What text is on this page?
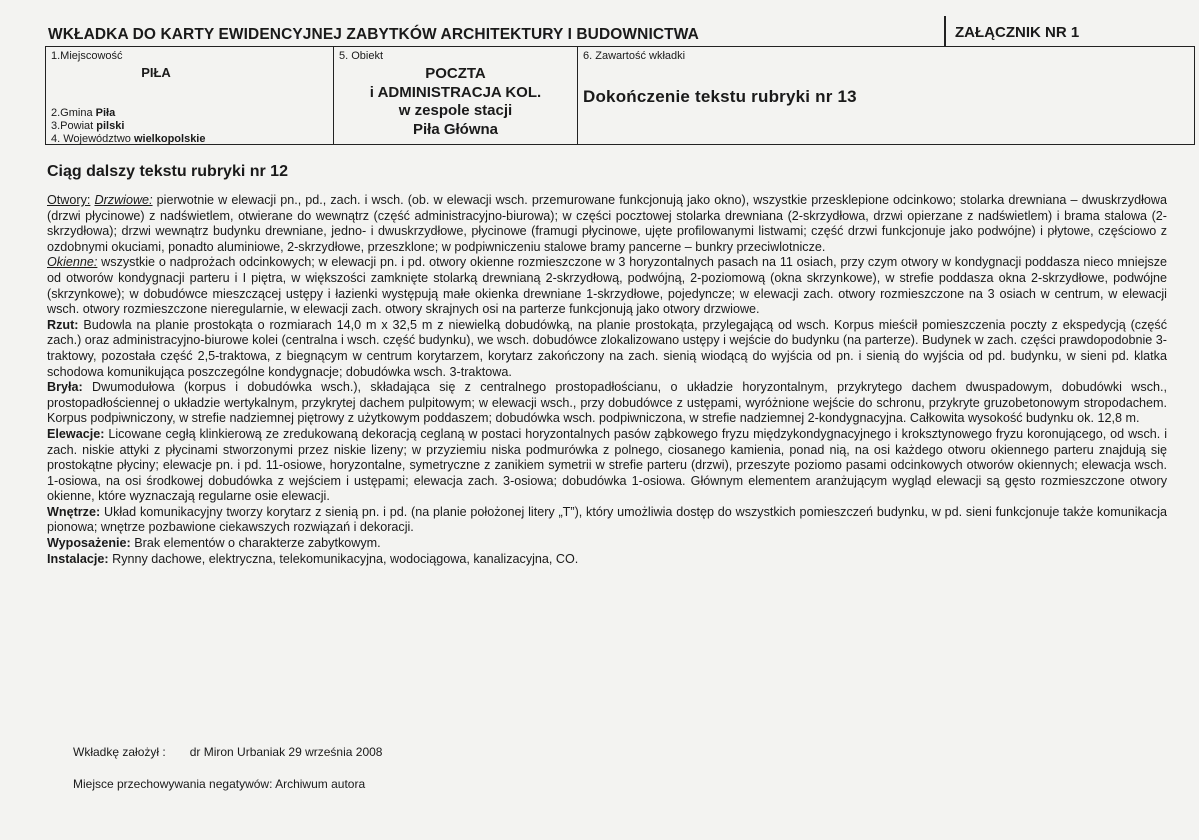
WKŁADKA DO KARTY EWIDENCYJNEJ ZABYTKÓW ARCHITEKTURY I BUDOWNICTWA	ZAŁĄCZNIK NR 1
1.Miejscowość
PIŁA
2.Gmina Piła
3.Powiat pilski
4. Województwo wielkopolskie
5. Obiekt
POCZTA
i ADMINISTRACJA KOL.
w zespole stacji
Piła Główna
6. Zawartość wkładki
Dokończenie tekstu rubryki nr 13
Ciąg dalszy tekstu rubryki nr 12

Otwory: Drzwiowe: pierwotnie w elewacji pn., pd., zach. i wsch. (ob. w elewacji wsch. przemurowane funkcjonują jako okno), wszystkie przesklepione odcinkowo; stolarka drewniana – dwuskrzydłowa (drzwi płycinowe) z nadświetlem, otwierane do wewnątrz (część administracyjno-biurowa); w części pocztowej stolarka drewniana (2-skrzydłowa, drzwi opierzane z nadświetlem) i brama stalowa (2-skrzydłowa); drzwi wewnątrz budynku drewniane, jedno- i dwuskrzydłowe, płycinowe (framugi płycinowe, ujęte profilowanymi listwami; część drzwi funkcjonuje jako podwójne) i płytowe, częściowo z ozdobnymi okuciami, ponadto aluminiowe, 2-skrzydłowe, przeszklone; w podpiwniczeniu stalowe bramy pancerne – bunkry przeciwlotnicze.

Okienne: wszystkie o nadprożach odcinkowych; w elewacji pn. i pd. otwory okienne rozmieszczone w 3 horyzontalnych pasach na 11 osiach, przy czym otwory w kondygnacji poddasza nieco mniejsze od otworów kondygnacji parteru i I piętra, w większości zamknięte stolarką drewnianą 2-skrzydłową, podwójną, 2-poziomową (okna skrzynkowe), w strefie poddasza okna 2-skrzydłowe, podwójne (skrzynkowe); w dobudówce mieszczącej ustępy i łazienki występują małe okienka drewniane 1-skrzydłowe, pojedyncze; w elewacji zach. otwory rozmieszczone na 3 osiach w centrum, w elewacji wsch. otwory rozmieszczone nieregularnie, w elewacji zach. otwory skrajnych osi na parterze funkcjonują jako otwory drzwiowe.

Rzut: Budowla na planie prostokąta o rozmiarach 14,0 m x 32,5 m z niewielką dobudówką, na planie prostokąta, przylegającą od wsch. Korpus mieścił pomieszczenia poczty z ekspedycją (część zach.) oraz administracyjno-biurowe kolei (centralna i wsch. część budynku), we wsch. dobudówce zlokalizowano ustępy i wejście do budynku (na parterze). Budynek w zach. części prawdopodobnie 3-traktowy, pozostała część 2,5-traktowa, z biegnącym w centrum korytarzem, korytarz zakończony na zach. sienią wiodącą do wyjścia od pn. i sienią do wyjścia od pd. budynku, w sieni pd. klatka schodowa komunikująca poszczególne kondygnacje; dobudówka wsch. 3-traktowa.

Bryła: Dwumodułowa (korpus i dobudówka wsch.), składająca się z centralnego prostopadłościanu, o układzie horyzontalnym, przykrytego dachem dwuspadowym, dobudówki wsch., prostopadłościennej o układzie wertykalnym, przykrytej dachem pulpitowym; w elewacji wsch., przy dobudówce z ustępami, wyróżnione wejście do schronu, przykryte gruzobetonowym stropodachem. Korpus podpiwniczony, w strefie nadziemnej piętrowy z użytkowym poddaszem; dobudówka wsch. podpiwniczona, w strefie nadziemnej 2-kondygnacyjna. Całkowita wysokość budynku ok. 12,8 m.

Elewacje: Licowane cegłą klinkierową ze zredukowaną dekoracją ceglaną w postaci horyzontalnych pasów ząbkowego fryzu międzykondygnacyjnego i kroksztynowego fryzu koronującego, od wsch. i zach. niskie attyki z płycinami stworzonymi przez niskie lizeny; w przyziemiu niska podmurówka z polnego, ciosanego kamienia, ponad nią, na osi każdego otworu okiennego parteru znajdują się prostokątne płyciny; elewacje pn. i pd. 11-osiowe, horyzontalne, symetryczne z zanikiem symetrii w strefie parteru (drzwi), przeszyte poziomo pasami odcinkowych otworów okiennych; elewacja wsch. 1-osiowa, na osi środkowej dobudówka z wejściem i ustępami; elewacja zach. 3-osiowa; dobudówka 1-osiowa. Głównym elementem aranżującym wygląd elewacji są gęsto rozmieszczone otwory okienne, które wyznaczają regularne osie elewacji.

Wnętrze: Układ komunikacyjny tworzy korytarz z sienią pn. i pd. (na planie położonej litery „T”), który umożliwia dostęp do wszystkich pomieszczeń budynku, w pd. sieni funkcjonuje także komunikacja pionowa; wnętrze pozbawione ciekawszych rozwiązań i dekoracji.

Wyposażenie: Brak elementów o charakterze zabytkowym.

Instalacje: Rynny dachowe, elektryczna, telekomunikacyjna, wodociągowa, kanalizacyjna, CO.

Wkładkę założył : dr Miron Urbaniak 29 września 2008
Miejsce przechowywania negatywów: Archiwum autora
